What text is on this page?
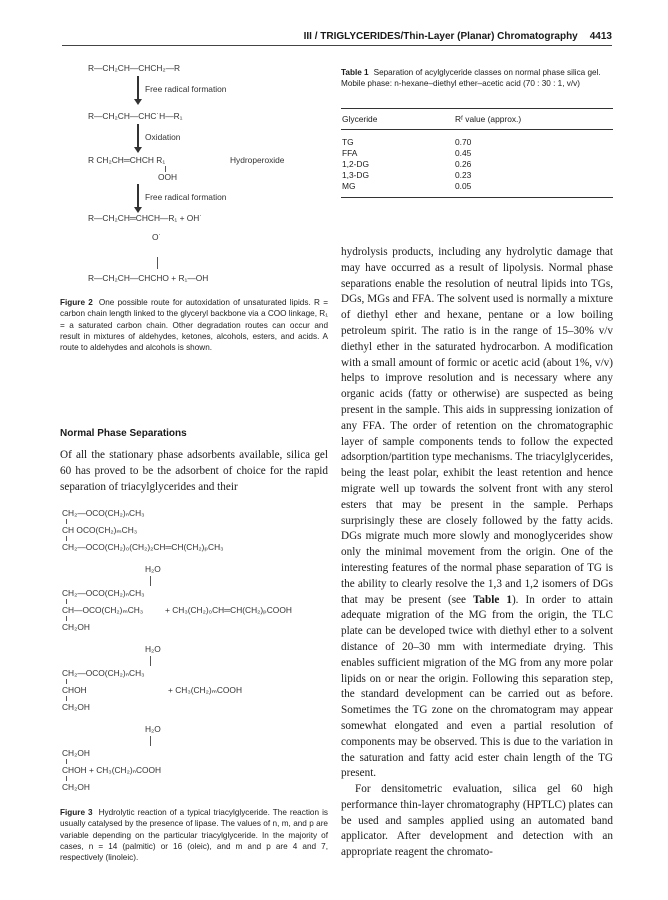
III / TRIGLYCERIDES/Thin-Layer (Planar) Chromatography 4413
R—CH₂CH—CHCH₂—R
Free radical formation
R—CH₂CH—CHC˙H—R₁
Oxidation
R CH₂CH═CHCH R₁	Hydroperoxide
OOH
Free radical formation
R—CH₂CH═CHCH—R₁ + OH˙
O˙
R—CH₂CH—CHCHO + R₁—OH
Figure 2 One possible route for autoxidation of unsaturated lipids. R = carbon chain length linked to the glyceryl backbone via a COO linkage, R₁ = a saturated carbon chain. Other degradation routes can occur and result in mixtures of aldehydes, ketones, alcohols, esters, and acids. A route to aldehydes and alcohols is shown.
Normal Phase Separations
Of all the stationary phase adsorbents available, silica gel 60 has proved to be the adsorbent of choice for the rapid separation of triacylglycerides and their
CH₂—OCO(CH₂)ₙCH₃
CH OCO(CH₂)ₘCH₃
CH₂—OCO(CH₂)₀(CH₂)₂CH═CH(CH₂)ₚCH₃
H₂O
CH₂—OCO(CH₂)ₙCH₃
CH—OCO(CH₂)ₘCH₃	+ CH₃(CH₂)₀CH═CH(CH₂)ₚCOOH
CH₂OH
H₂O
CH₂—OCO(CH₂)ₙCH₃
CHOH	+ CH₃(CH₂)ₘCOOH
CH₂OH
H₂O
CH₂OH
CHOH + CH₃(CH₂)ₙCOOH
CH₂OH
Figure 3 Hydrolytic reaction of a typical triacylglyceride. The reaction is usually catalysed by the presence of lipase. The values of n, m, and p are variable depending on the particular triacylglyceride. In the majority of cases, n = 14 (palmitic) or 16 (oleic), and m and p are 4 and 7, respectively (linoleic).
Table 1 Separation of acylglyceride classes on normal phase silica gel. Mobile phase: n-hexane–diethyl ether–acetic acid (70 : 30 : 1, v/v)
Glyceride	Rᶠ value (approx.)
TG	0.70
FFA	0.45
1,2-DG	0.26
1,3-DG	0.23
MG	0.05

hydrolysis products, including any hydrolytic damage that may have occurred as a result of lipolysis. Normal phase separations enable the resolution of neutral lipids into TGs, DGs, MGs and FFA. The solvent used is normally a mixture of diethyl ether and hexane, pentane or a low boiling petroleum spirit. The ratio is in the range of 15–30% v/v diethyl ether in the saturated hydrocarbon. A modification with a small amount of formic or acetic acid (about 1%, v/v) helps to improve resolution and is necessary where any organic acids (fatty or otherwise) are suspected as being present in the sample. This aids in suppressing ionization of any FFA. The order of retention on the chromatographic layer of sample components tends to follow the expected adsorption/partition type mechanisms. The triacylglycerides, being the least polar, exhibit the least retention and hence migrate well up towards the solvent front with any sterol esters that may be present in the sample. Perhaps surprisingly these are closely followed by the fatty acids. DGs migrate much more slowly and monoglycerides show only the minimal movement from the origin. One of the interesting features of the normal phase separation of TG is the ability to clearly resolve the 1,3 and 1,2 isomers of DGs that may be present (see Table 1). In order to attain adequate migration of the MG from the origin, the TLC plate can be developed twice with diethyl ether to a solvent distance of 20–30 mm with intermediate drying. This enables sufficient migration of the MG from any more polar lipids on or near the origin. Following this separation step, the standard development can be carried out as before. Sometimes the TG zone on the chromatogram may appear somewhat elongated and even a partial resolution of components may be observed. This is due to the variation in the saturation and fatty acid ester chain length of the TG present.

For densitometric evaluation, silica gel 60 high performance thin-layer chromatography (HPTLC) plates can be used and samples applied using an automated band applicator. After development and detection with an appropriate reagent the chromato-
